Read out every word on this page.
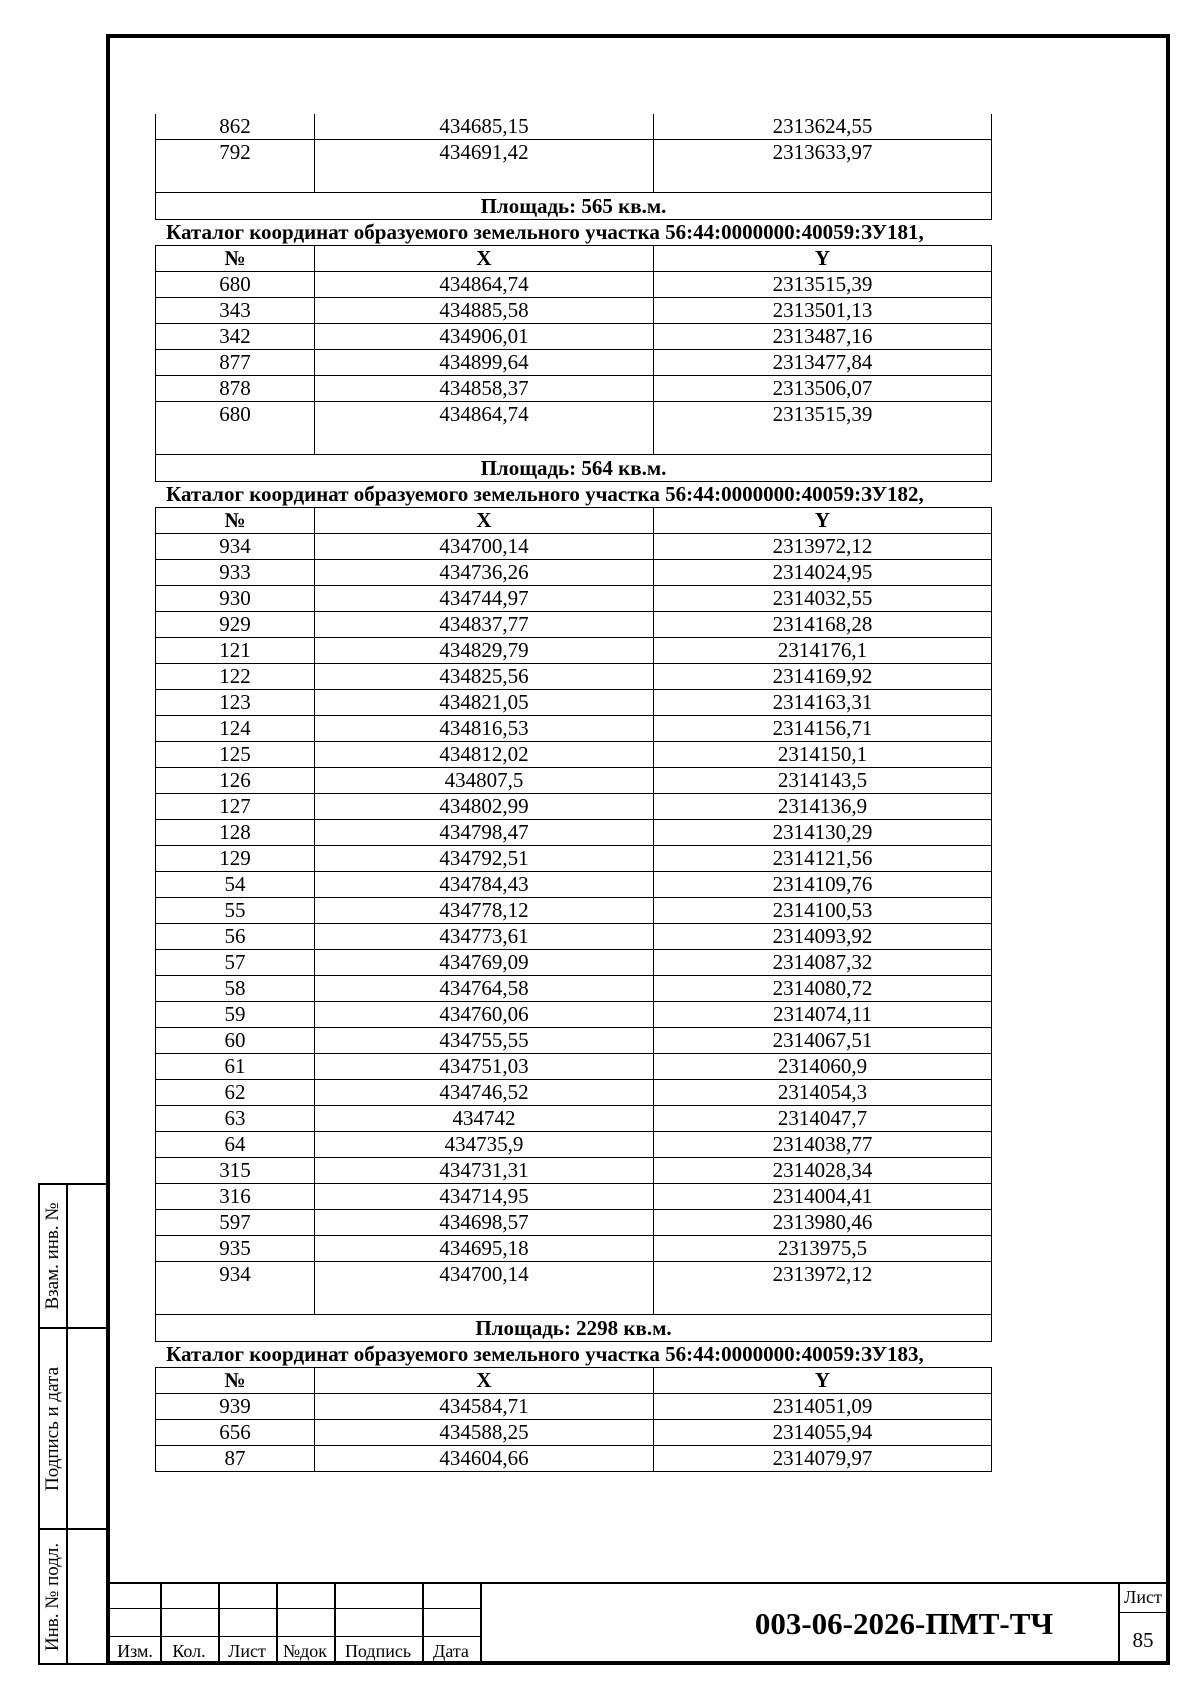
862	434685,15	2313624,55
792	434691,42	2313633,97
Площадь: 565 кв.м.		
Каталог координат образуемого земельного участка 56:44:0000000:40059:ЗУ181,
№	X	Y
680	434864,74	2313515,39
343	434885,58	2313501,13
342	434906,01	2313487,16
877	434899,64	2313477,84
878	434858,37	2313506,07
680	434864,74	2313515,39
Площадь: 564 кв.м.		
Каталог координат образуемого земельного участка 56:44:0000000:40059:ЗУ182,
№	X	Y
934	434700,14	2313972,12
933	434736,26	2314024,95
930	434744,97	2314032,55
929	434837,77	2314168,28
121	434829,79	2314176,1
122	434825,56	2314169,92
123	434821,05	2314163,31
124	434816,53	2314156,71
125	434812,02	2314150,1
126	434807,5	2314143,5
127	434802,99	2314136,9
128	434798,47	2314130,29
129	434792,51	2314121,56
54	434784,43	2314109,76
55	434778,12	2314100,53
56	434773,61	2314093,92
57	434769,09	2314087,32
58	434764,58	2314080,72
59	434760,06	2314074,11
60	434755,55	2314067,51
61	434751,03	2314060,9
62	434746,52	2314054,3
63	434742	2314047,7
64	434735,9	2314038,77
315	434731,31	2314028,34
316	434714,95	2314004,41
597	434698,57	2313980,46
935	434695,18	2313975,5
934	434700,14	2313972,12
Площадь: 2298 кв.м.		
Каталог координат образуемого земельного участка 56:44:0000000:40059:ЗУ183,
№	X	Y
939	434584,71	2314051,09
656	434588,25	2314055,94
87	434604,66	2314079,97
Взам. инв. №
Подпись и дата
Инв. № подл.
Изм.	Кол.	Лист №док Подпись	Дата
003-06-2026-ПМТ-ТЧ
Лист
85
